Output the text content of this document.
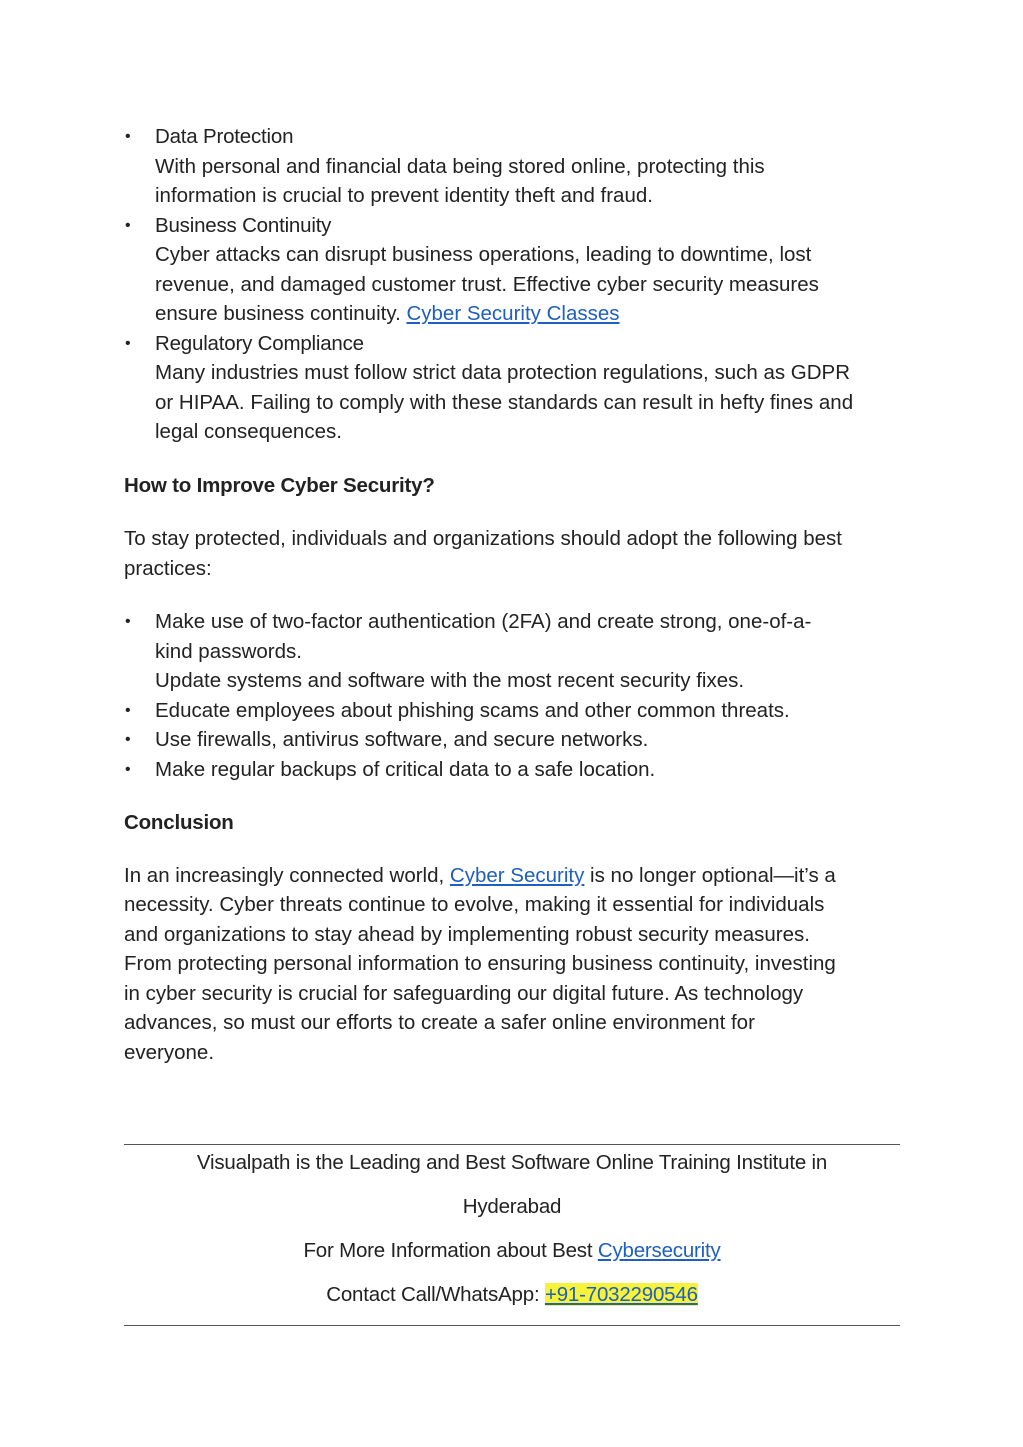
• Data Protection
With personal and financial data being stored online, protecting this
information is crucial to prevent identity theft and fraud.
• Business Continuity
Cyber attacks can disrupt business operations, leading to downtime, lost
revenue, and damaged customer trust. Effective cyber security measures
ensure business continuity. Cyber Security Classes
• Regulatory Compliance
Many industries must follow strict data protection regulations, such as GDPR
or HIPAA. Failing to comply with these standards can result in hefty fines and
legal consequences.
How to Improve Cyber Security?

To stay protected, individuals and organizations should adopt the following best
practices:

• Make use of two-factor authentication (2FA) and create strong, one-of-a-
kind passwords.
Update systems and software with the most recent security fixes.
• Educate employees about phishing scams and other common threats.
• Use firewalls, antivirus software, and secure networks.
• Make regular backups of critical data to a safe location.
Conclusion

In an increasingly connected world, Cyber Security is no longer optional—it’s a
necessity. Cyber threats continue to evolve, making it essential for individuals
and organizations to stay ahead by implementing robust security measures.
From protecting personal information to ensuring business continuity, investing
in cyber security is crucial for safeguarding our digital future. As technology
advances, so must our efforts to create a safer online environment for
everyone.

Visualpath is the Leading and Best Software Online Training Institute in
Hyderabad
For More Information about Best Cybersecurity
Contact Call/WhatsApp: +91-7032290546
